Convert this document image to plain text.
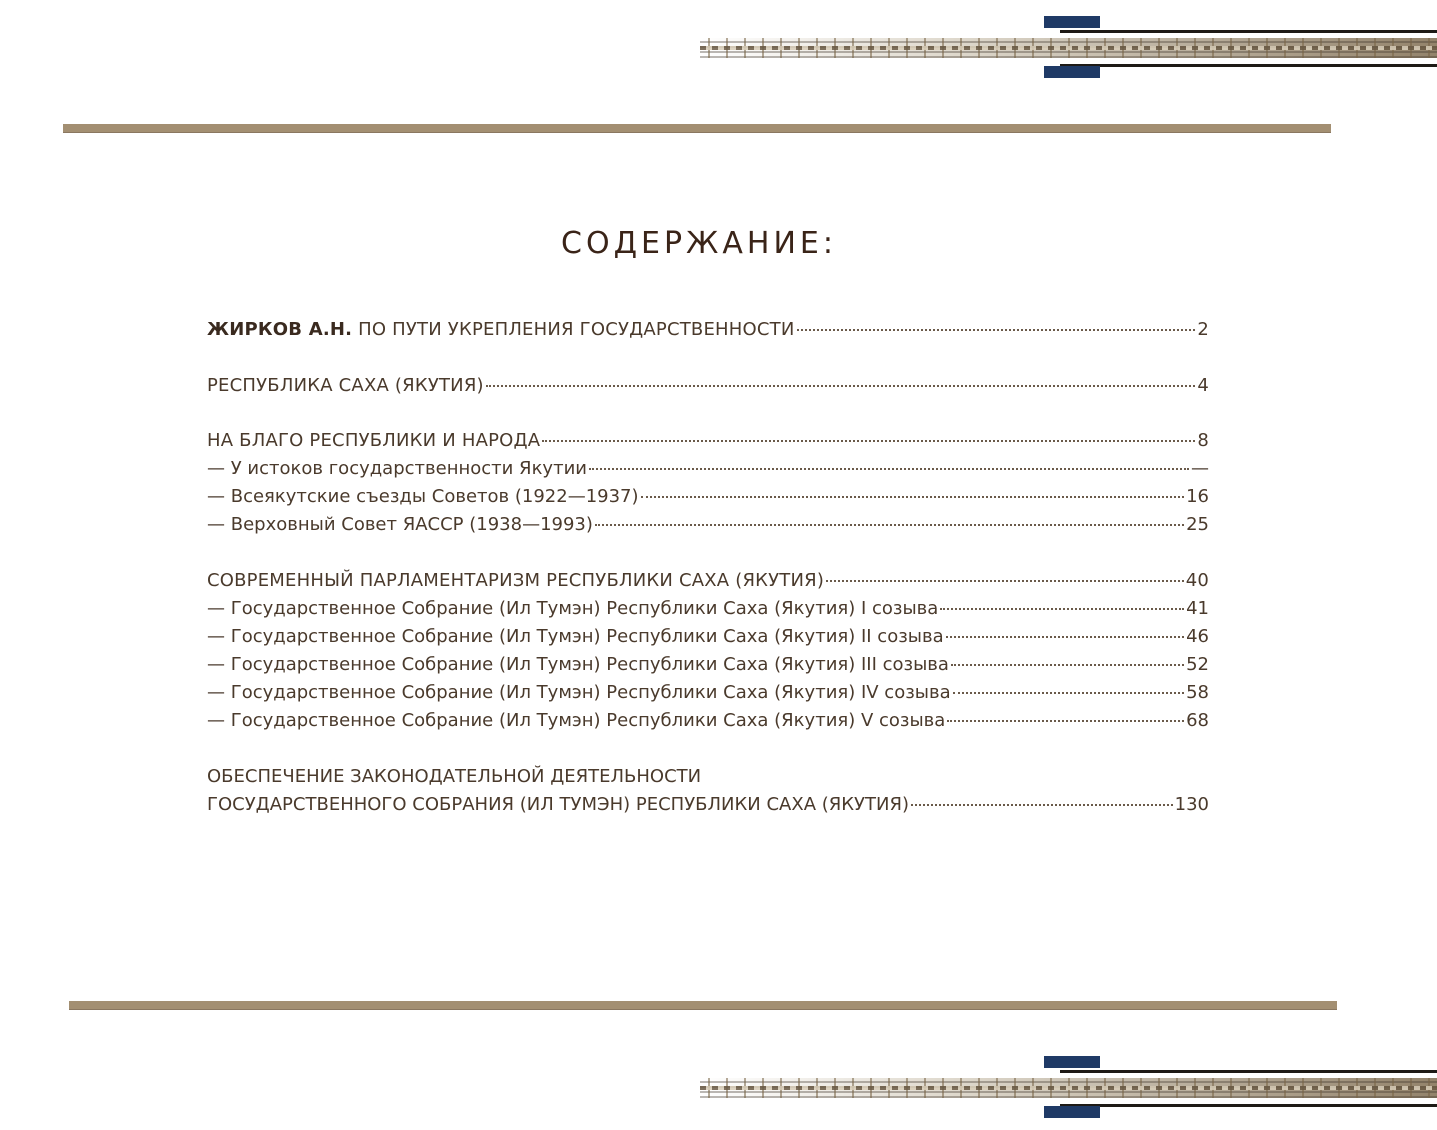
СОДЕРЖАНИЕ:
ЖИРКОВ А.Н. ПО ПУТИ УКРЕПЛЕНИЯ ГОСУДАРСТВЕННОСТИ	2
РЕСПУБЛИКА САХА (ЯКУТИЯ)	4
НА БЛАГО РЕСПУБЛИКИ И НАРОДА	8
— У истоков государственности Якутии	—
— Всеякутские съезды Советов (1922—1937)	16
— Верховный Совет ЯАССР (1938—1993)	25
СОВРЕМЕННЫЙ ПАРЛАМЕНТАРИЗМ РЕСПУБЛИКИ САХА (ЯКУТИЯ)	40
— Государственное Собрание (Ил Тумэн) Республики Саха (Якутия) I созыва	41
— Государственное Собрание (Ил Тумэн) Республики Саха (Якутия) II созыва	46
— Государственное Собрание (Ил Тумэн) Республики Саха (Якутия) III созыва	52
— Государственное Собрание (Ил Тумэн) Республики Саха (Якутия) IV созыва	58
— Государственное Собрание (Ил Тумэн) Республики Саха (Якутия) V созыва	68
ОБЕСПЕЧЕНИЕ ЗАКОНОДАТЕЛЬНОЙ ДЕЯТЕЛЬНОСТИ
ГОСУДАРСТВЕННОГО СОБРАНИЯ (ИЛ ТУМЭН) РЕСПУБЛИКИ САХА (ЯКУТИЯ)	130
